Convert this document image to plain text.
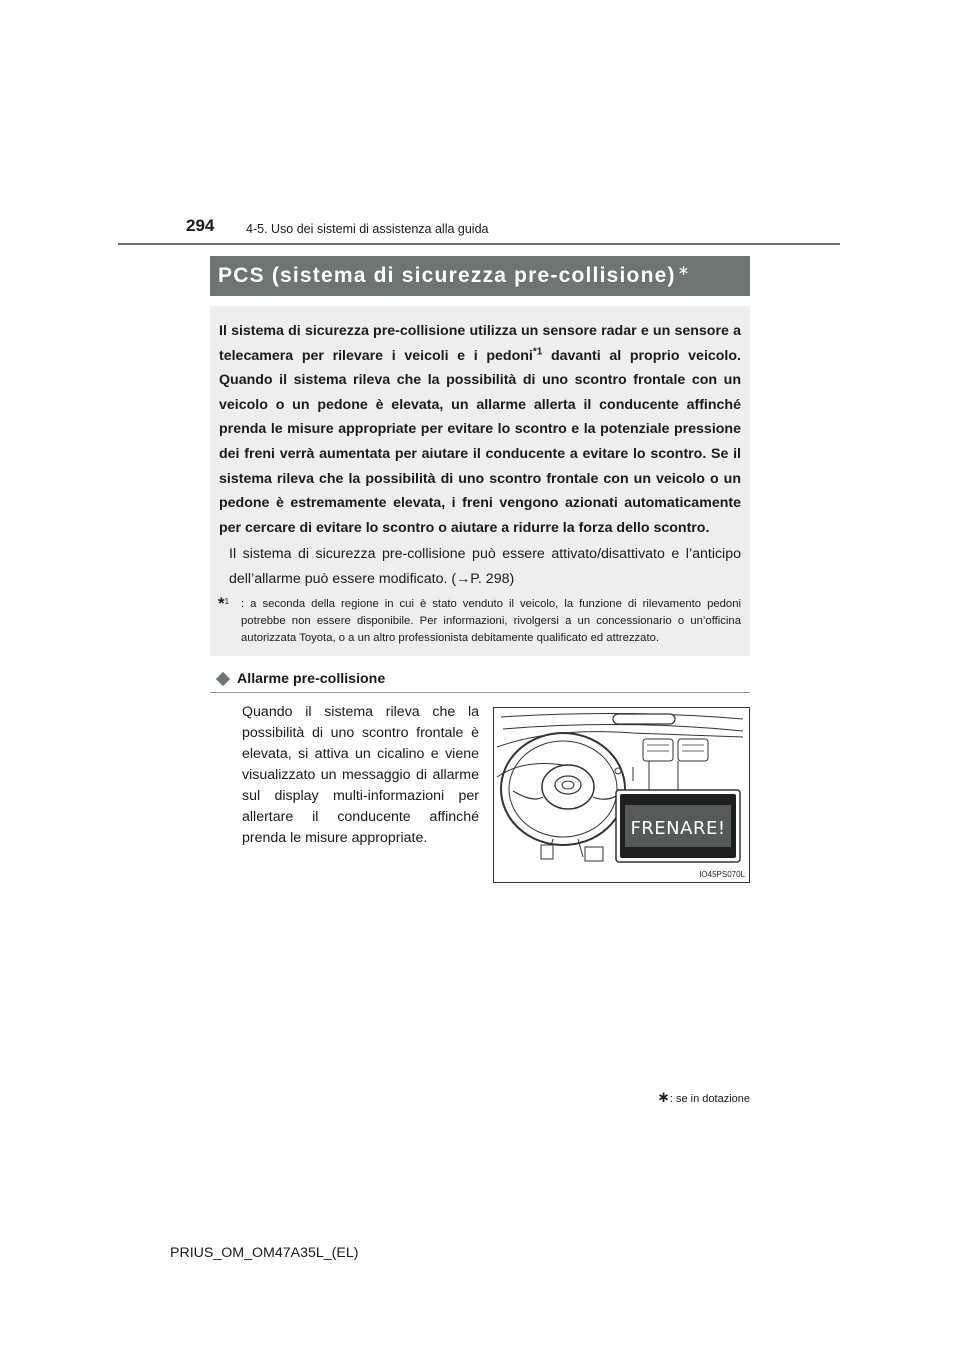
294	4-5. Uso dei sistemi di assistenza alla guida
PCS (sistema di sicurezza pre-collisione) ∗

Il sistema di sicurezza pre-collisione utilizza un sensore radar e un sensore a telecamera per rilevare i veicoli e i pedoni$^{*1}$ davanti al proprio veicolo. Quando il sistema rileva che la possibilità di uno scontro frontale con un veicolo o un pedone è elevata, un allarme allerta il conducente affinché prenda le misure appropriate per evitare lo scontro e la potenziale pressione dei freni verrà aumentata per aiutare il conducente a evitare lo scontro. Se il sistema rileva che la possibilità di uno scontro frontale con un veicolo o un pedone è estremamente elevata, i freni vengono azionati automaticamente per cercare di evitare lo scontro o aiutare a ridurre la forza dello scontro.

Il sistema di sicurezza pre-collisione può essere attivato/disattivato e l’anticipo dell’allarme può essere modificato. (→P. 298)

*$^1$ : a seconda della regione in cui è stato venduto il veicolo, la funzione di rilevamento pedoni potrebbe non essere disponibile. Per informazioni, rivolgersi a un concessionario o un’officina autorizzata Toyota, o a un altro professionista debitamente qualificato ed attrezzato.
Allarme pre-collisione

Quando il sistema rileva che la possibilità di uno scontro frontale è elevata, si attiva un cicalino e viene visualizzato un messaggio di allarme sul display multi-informazioni per allertare il conducente affinché prenda le misure appropriate.	FRENARE!
IO45PS070L
∗: se in dotazione
PRIUS_OM_OM47A35L_(EL)
